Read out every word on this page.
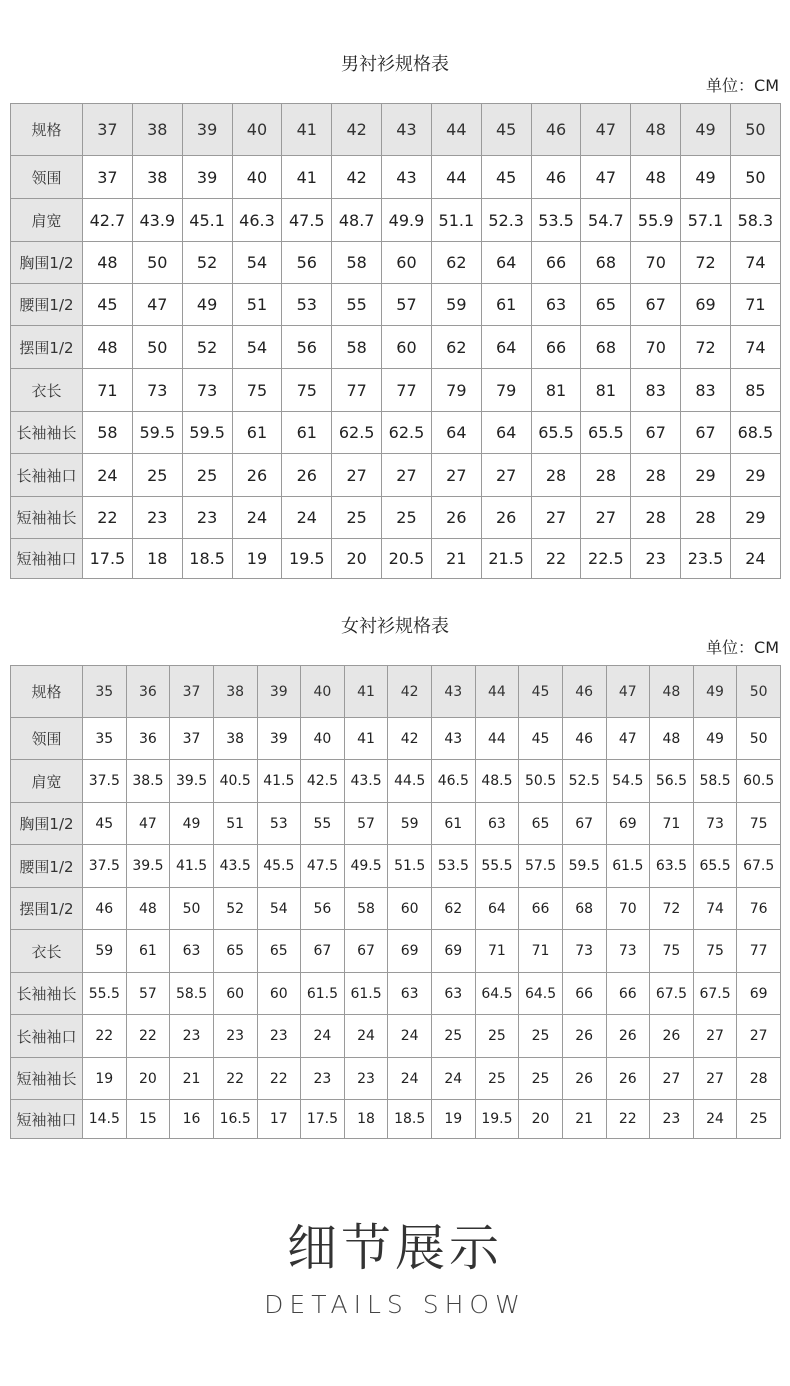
男衬衫规格表
单位：CM
规格	37	38	39	40	41	42	43	44	45	46	47	48	49	50
领围	37	38	39	40	41	42	43	44	45	46	47	48	49	50
肩宽	42.7	43.9	45.1	46.3	47.5	48.7	49.9	51.1	52.3	53.5	54.7	55.9	57.1	58.3
胸围1/2	48	50	52	54	56	58	60	62	64	66	68	70	72	74
腰围1/2	45	47	49	51	53	55	57	59	61	63	65	67	69	71
摆围1/2	48	50	52	54	56	58	60	62	64	66	68	70	72	74
衣长	71	73	73	75	75	77	77	79	79	81	81	83	83	85
长袖袖长	58	59.5	59.5	61	61	62.5	62.5	64	64	65.5	65.5	67	67	68.5
长袖袖口	24	25	25	26	26	27	27	27	27	28	28	28	29	29
短袖袖长	22	23	23	24	24	25	25	26	26	27	27	28	28	29
短袖袖口	17.5	18	18.5	19	19.5	20	20.5	21	21.5	22	22.5	23	23.5	24
女衬衫规格表
单位：CM
规格	35	36	37	38	39	40	41	42	43	44	45	46	47	48	49	50
领围	35	36	37	38	39	40	41	42	43	44	45	46	47	48	49	50
肩宽	37.5	38.5	39.5	40.5	41.5	42.5	43.5	44.5	46.5	48.5	50.5	52.5	54.5	56.5	58.5	60.5
胸围1/2	45	47	49	51	53	55	57	59	61	63	65	67	69	71	73	75
腰围1/2	37.5	39.5	41.5	43.5	45.5	47.5	49.5	51.5	53.5	55.5	57.5	59.5	61.5	63.5	65.5	67.5
摆围1/2	46	48	50	52	54	56	58	60	62	64	66	68	70	72	74	76
衣长	59	61	63	65	65	67	67	69	69	71	71	73	73	75	75	77
长袖袖长	55.5	57	58.5	60	60	61.5	61.5	63	63	64.5	64.5	66	66	67.5	67.5	69
长袖袖口	22	22	23	23	23	24	24	24	25	25	25	26	26	26	27	27
短袖袖长	19	20	21	22	22	23	23	24	24	25	25	26	26	27	27	28
短袖袖口	14.5	15	16	16.5	17	17.5	18	18.5	19	19.5	20	21	22	23	24	25
细节展示
DETAILS SHOW
